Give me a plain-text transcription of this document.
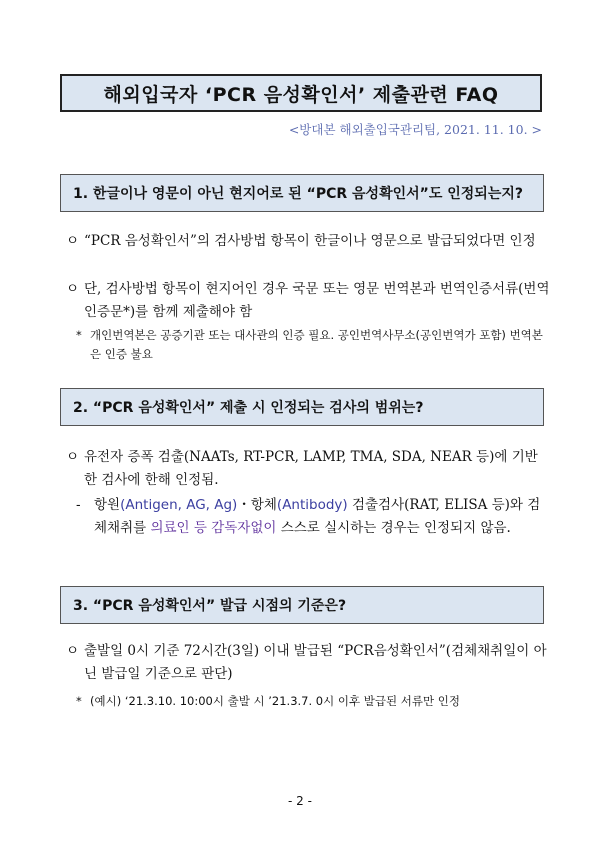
해외입국자 ‘PCR 음성확인서’ 제출관련 FAQ
<방대본 해외출입국관리팀, 2021. 11. 10. >
1. 한글이나 영문이 아닌 현지어로 된 “PCR 음성확인서”도 인정되는지?
ㅇ “PCR 음성확인서”의 검사방법 항목이 한글이나 영문으로 발급되었다면 인정
ㅇ 단, 검사방법 항목이 현지어인 경우 국문 또는 영문 번역본과 번역인증서류(번역인증문*)를 함께 제출해야 함
* 개인번역본은 공증기관 또는 대사관의 인증 필요. 공인번역사무소(공인번역가 포함) 번역본은 인증 불요
2. “PCR 음성확인서” 제출 시 인정되는 검사의 범위는?
ㅇ 유전자 증폭 검출(NAATs, RT-PCR, LAMP, TMA, SDA, NEAR 등)에 기반한 검사에 한해 인정됨.
- 항원(Antigen, AG, Ag)・항체(Antibody) 검출검사(RAT, ELISA 등)와 검체채취를 의료인 등 감독자없이 스스로 실시하는 경우는 인정되지 않음.
3. “PCR 음성확인서” 발급 시점의 기준은?
ㅇ 출발일 0시 기준 72시간(3일) 이내 발급된 “PCR음성확인서”(검체채취일이 아닌 발급일 기준으로 판단)
* (예시) ‘21.3.10. 10:00시 출발 시 ’21.3.7. 0시 이후 발급된 서류만 인정
- 2 -
